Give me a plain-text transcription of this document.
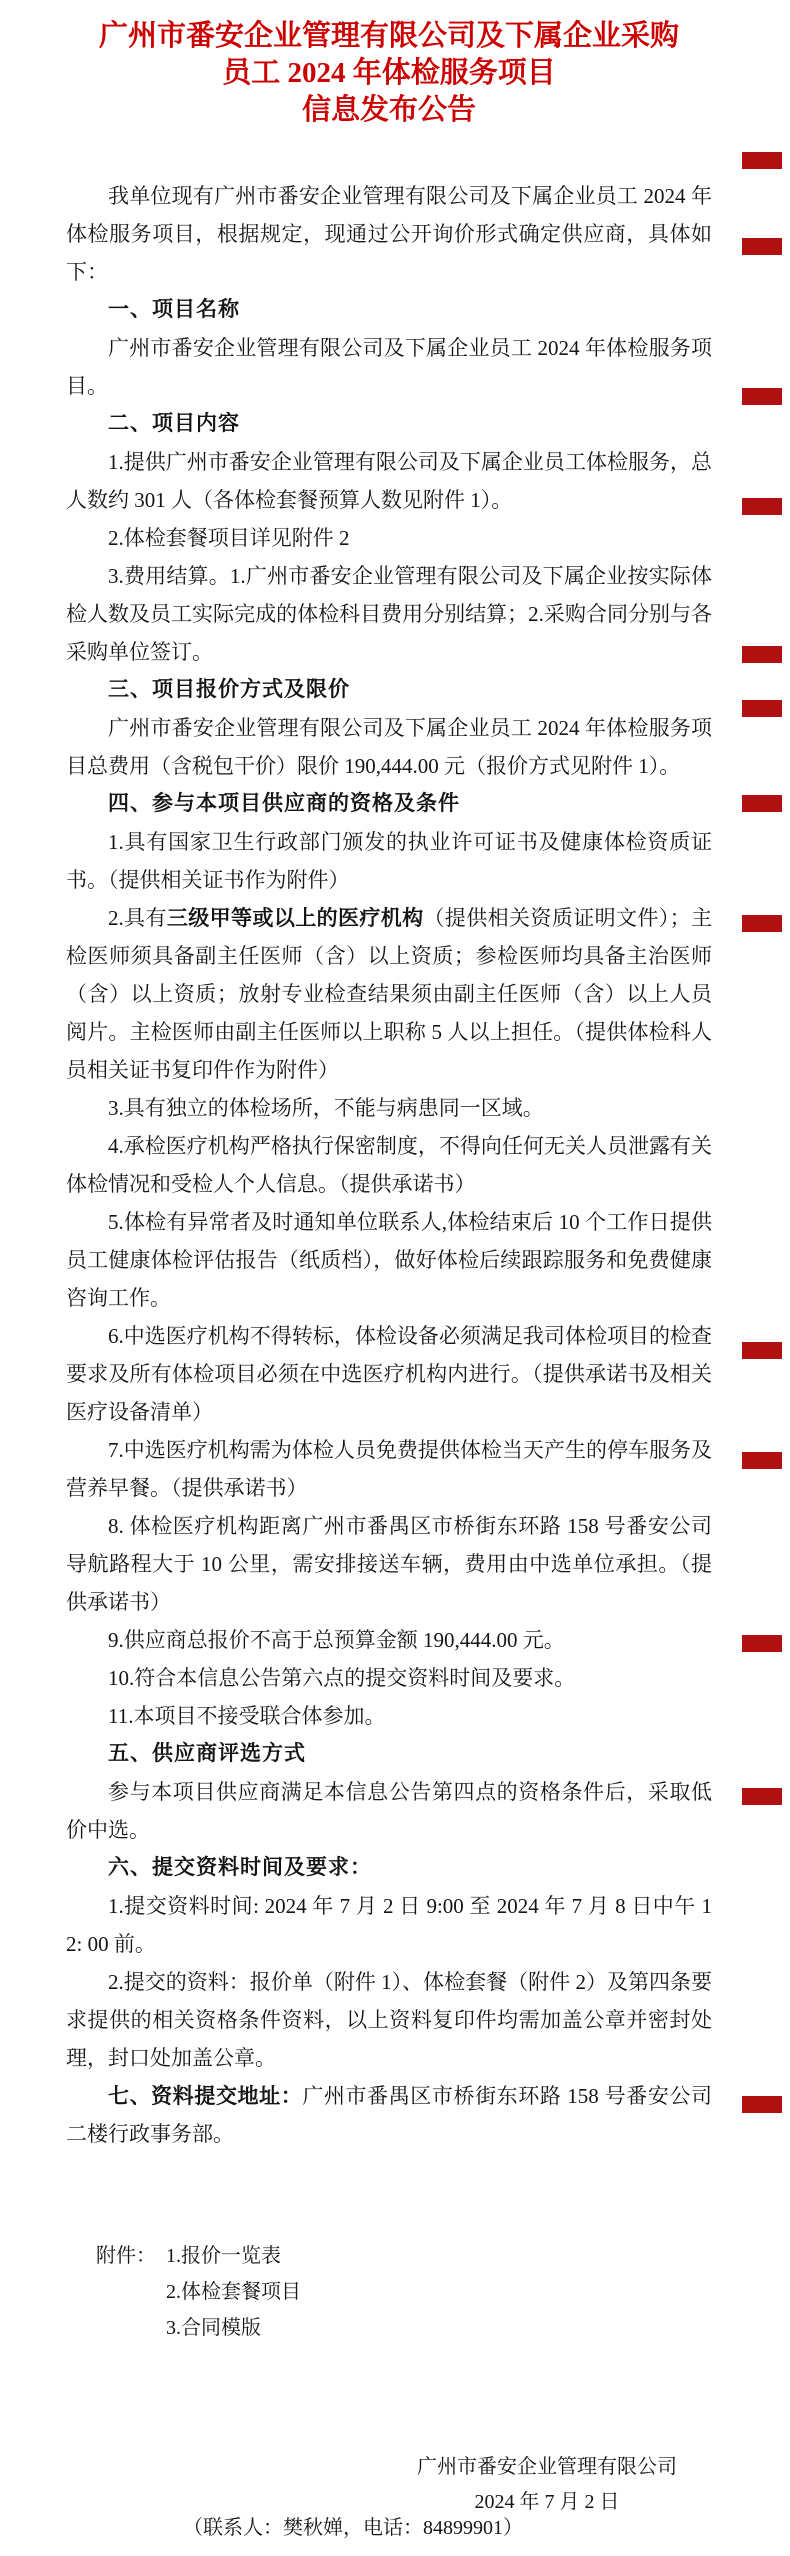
广州市番安企业管理有限公司及下属企业采购
员工 2024 年体检服务项目
信息发布公告

我单位现有广州市番安企业管理有限公司及下属企业员工 2024 年体检服务项目，根据规定，现通过公开询价形式确定供应商，具体如下：

一、项目名称

广州市番安企业管理有限公司及下属企业员工 2024 年体检服务项目。

二、项目内容

1.提供广州市番安企业管理有限公司及下属企业员工体检服务，总人数约 301 人（各体检套餐预算人数见附件 1）。

2.体检套餐项目详见附件 2

3.费用结算。1.广州市番安企业管理有限公司及下属企业按实际体检人数及员工实际完成的体检科目费用分别结算；2.采购合同分别与各采购单位签订。

三、项目报价方式及限价

广州市番安企业管理有限公司及下属企业员工 2024 年体检服务项目总费用（含税包干价）限价 190,444.00 元（报价方式见附件 1）。

四、参与本项目供应商的资格及条件

1.具有国家卫生行政部门颁发的执业许可证书及健康体检资质证书。（提供相关证书作为附件）

2.具有三级甲等或以上的医疗机构（提供相关资质证明文件）；主检医师须具备副主任医师（含）以上资质；参检医师均具备主治医师（含）以上资质；放射专业检查结果须由副主任医师（含）以上人员阅片。主检医师由副主任医师以上职称 5 人以上担任。（提供体检科人员相关证书复印件作为附件）

3.具有独立的体检场所，不能与病患同一区域。

4.承检医疗机构严格执行保密制度，不得向任何无关人员泄露有关体检情况和受检人个人信息。（提供承诺书）

5.体检有异常者及时通知单位联系人,体检结束后 10 个工作日提供员工健康体检评估报告（纸质档），做好体检后续跟踪服务和免费健康咨询工作。

6.中选医疗机构不得转标，体检设备必须满足我司体检项目的检查要求及所有体检项目必须在中选医疗机构内进行。（提供承诺书及相关医疗设备清单）

7.中选医疗机构需为体检人员免费提供体检当天产生的停车服务及营养早餐。（提供承诺书）

8. 体检医疗机构距离广州市番禺区市桥街东环路 158 号番安公司导航路程大于 10 公里，需安排接送车辆，费用由中选单位承担。（提供承诺书）

9.供应商总报价不高于总预算金额 190,444.00 元。

10.符合本信息公告第六点的提交资料时间及要求。

11.本项目不接受联合体参加。

五、供应商评选方式

参与本项目供应商满足本信息公告第四点的资格条件后，采取低价中选。

六、提交资料时间及要求：

1.提交资料时间: 2024 年 7 月 2 日 9:00 至 2024 年 7 月 8 日中午 12: 00 前。

2.提交的资料：报价单（附件 1）、体检套餐（附件 2）及第四条要求提供的相关资格条件资料，以上资料复印件均需加盖公章并密封处理，封口处加盖公章。

七、资料提交地址：广州市番禺区市桥街东环路 158 号番安公司二楼行政事务部。

附件： 1.报价一览表
2.体检套餐项目
3.合同模版
广州市番安企业管理有限公司
2024 年 7 月 2 日
（联系人：樊秋婵，电话：84899901）
